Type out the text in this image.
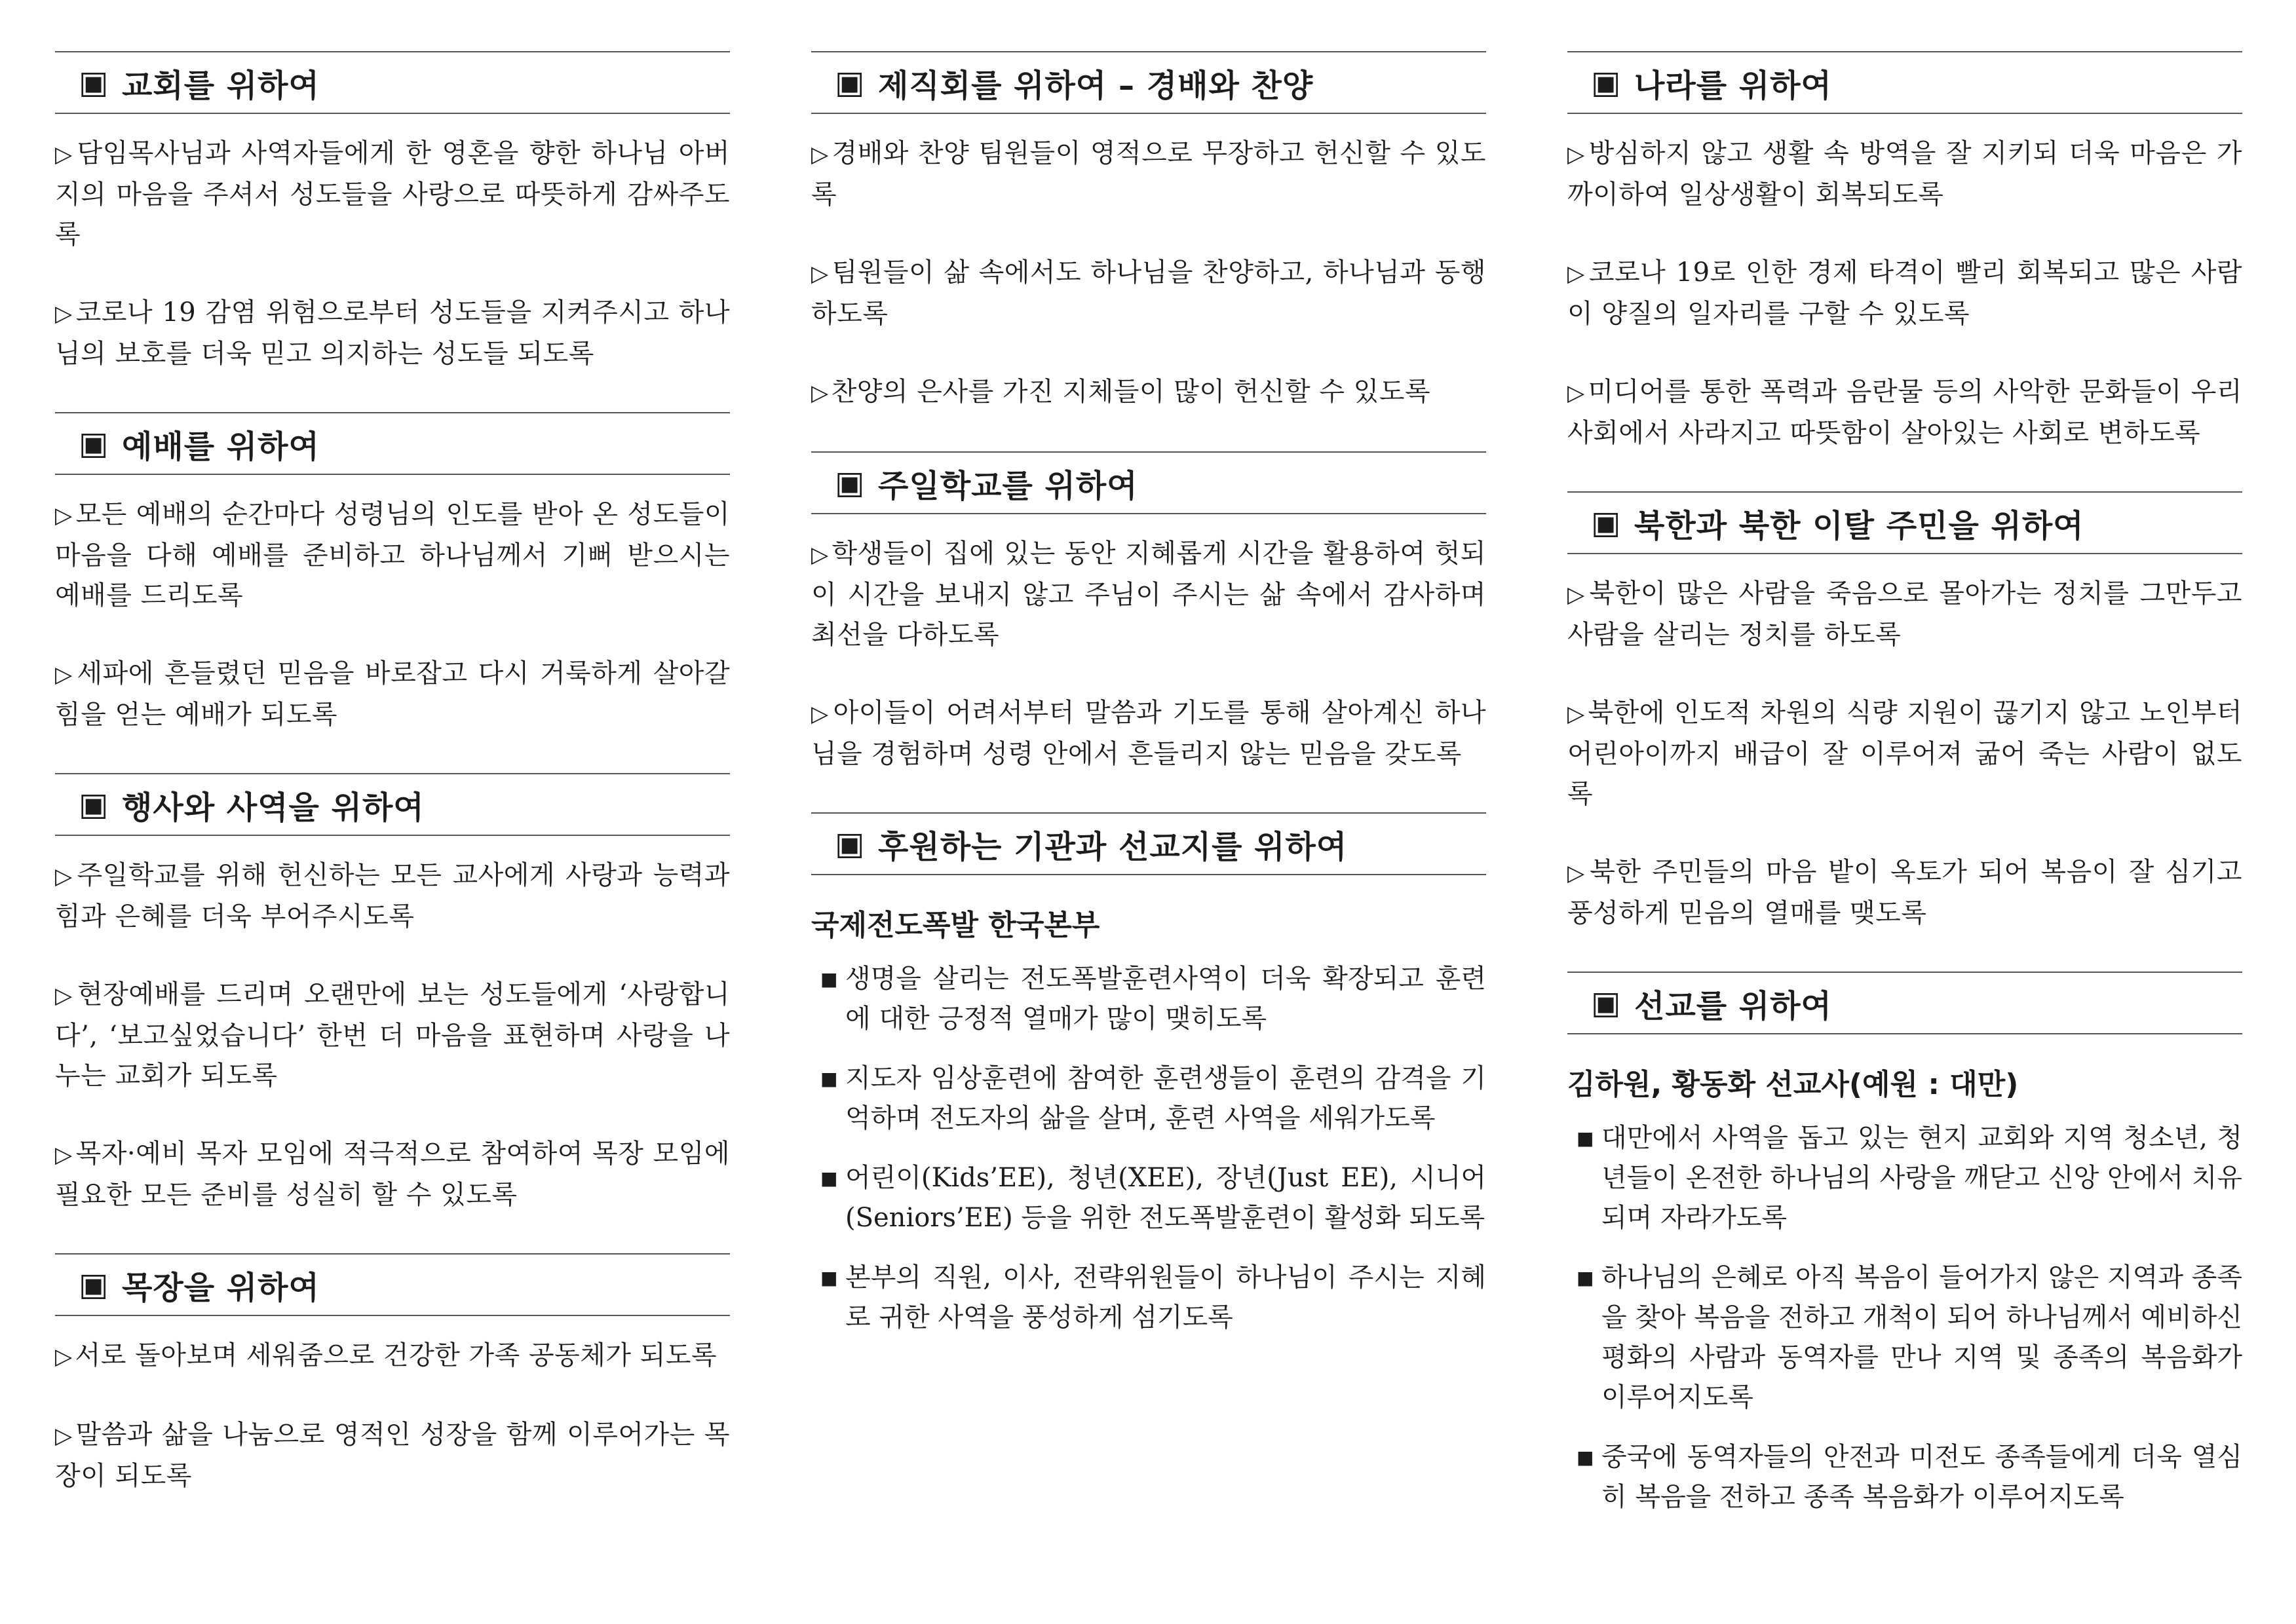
▣ 교회를 위하여

▷ 담임목사님과 사역자들에게 한 영혼을 향한 하나님 아버지의 마음을 주셔서 성도들을 사랑으로 따뜻하게 감싸주도록

▷ 코로나 19 감염 위험으로부터 성도들을 지켜주시고 하나님의 보호를 더욱 믿고 의지하는 성도들 되도록

▣ 예배를 위하여

▷ 모든 예배의 순간마다 성령님의 인도를 받아 온 성도들이 마음을 다해 예배를 준비하고 하나님께서 기뻐 받으시는 예배를 드리도록

▷ 세파에 흔들렸던 믿음을 바로잡고 다시 거룩하게 살아갈 힘을 얻는 예배가 되도록

▣ 행사와 사역을 위하여

▷ 주일학교를 위해 헌신하는 모든 교사에게 사랑과 능력과 힘과 은혜를 더욱 부어주시도록

▷ 현장예배를 드리며 오랜만에 보는 성도들에게 ‘사랑합니다’, ‘보고싶었습니다’ 한번 더 마음을 표현하며 사랑을 나누는 교회가 되도록

▷ 목자·예비 목자 모임에 적극적으로 참여하여 목장 모임에 필요한 모든 준비를 성실히 할 수 있도록

▣ 목장을 위하여

▷ 서로 돌아보며 세워줌으로 건강한 가족 공동체가 되도록

▷ 말씀과 삶을 나눔으로 영적인 성장을 함께 이루어가는 목장이 되도록

▣ 제직회를 위하여 – 경배와 찬양

▷ 경배와 찬양 팀원들이 영적으로 무장하고 헌신할 수 있도록

▷ 팀원들이 삶 속에서도 하나님을 찬양하고, 하나님과 동행하도록

▷ 찬양의 은사를 가진 지체들이 많이 헌신할 수 있도록

▣ 주일학교를 위하여

▷ 학생들이 집에 있는 동안 지혜롭게 시간을 활용하여 헛되이 시간을 보내지 않고 주님이 주시는 삶 속에서 감사하며 최선을 다하도록

▷ 아이들이 어려서부터 말씀과 기도를 통해 살아계신 하나님을 경험하며 성령 안에서 흔들리지 않는 믿음을 갖도록

▣ 후원하는 기관과 선교지를 위하여
국제전도폭발 한국본부
■ 생명을 살리는 전도폭발훈련사역이 더욱 확장되고 훈련에 대한 긍정적 열매가 많이 맺히도록
■ 지도자 임상훈련에 참여한 훈련생들이 훈련의 감격을 기억하며 전도자의 삶을 살며, 훈련 사역을 세워가도록
■ 어린이(Kids’EE), 청년(XEE), 장년(Just EE), 시니어(Seniors’EE) 등을 위한 전도폭발훈련이 활성화 되도록
■ 본부의 직원, 이사, 전략위원들이 하나님이 주시는 지혜로 귀한 사역을 풍성하게 섬기도록
▣ 나라를 위하여

▷ 방심하지 않고 생활 속 방역을 잘 지키되 더욱 마음은 가까이하여 일상생활이 회복되도록

▷ 코로나 19로 인한 경제 타격이 빨리 회복되고 많은 사람이 양질의 일자리를 구할 수 있도록

▷ 미디어를 통한 폭력과 음란물 등의 사악한 문화들이 우리 사회에서 사라지고 따뜻함이 살아있는 사회로 변하도록

▣ 북한과 북한 이탈 주민을 위하여

▷ 북한이 많은 사람을 죽음으로 몰아가는 정치를 그만두고 사람을 살리는 정치를 하도록

▷ 북한에 인도적 차원의 식량 지원이 끊기지 않고 노인부터 어린아이까지 배급이 잘 이루어져 굶어 죽는 사람이 없도록

▷ 북한 주민들의 마음 밭이 옥토가 되어 복음이 잘 심기고 풍성하게 믿음의 열매를 맺도록

▣ 선교를 위하여
김하원, 황동화 선교사(예원 : 대만)
■ 대만에서 사역을 돕고 있는 현지 교회와 지역 청소년, 청년들이 온전한 하나님의 사랑을 깨닫고 신앙 안에서 치유되며 자라가도록
■ 하나님의 은혜로 아직 복음이 들어가지 않은 지역과 종족을 찾아 복음을 전하고 개척이 되어 하나님께서 예비하신 평화의 사람과 동역자를 만나 지역 및 종족의 복음화가 이루어지도록
■ 중국에 동역자들의 안전과 미전도 종족들에게 더욱 열심히 복음을 전하고 종족 복음화가 이루어지도록
